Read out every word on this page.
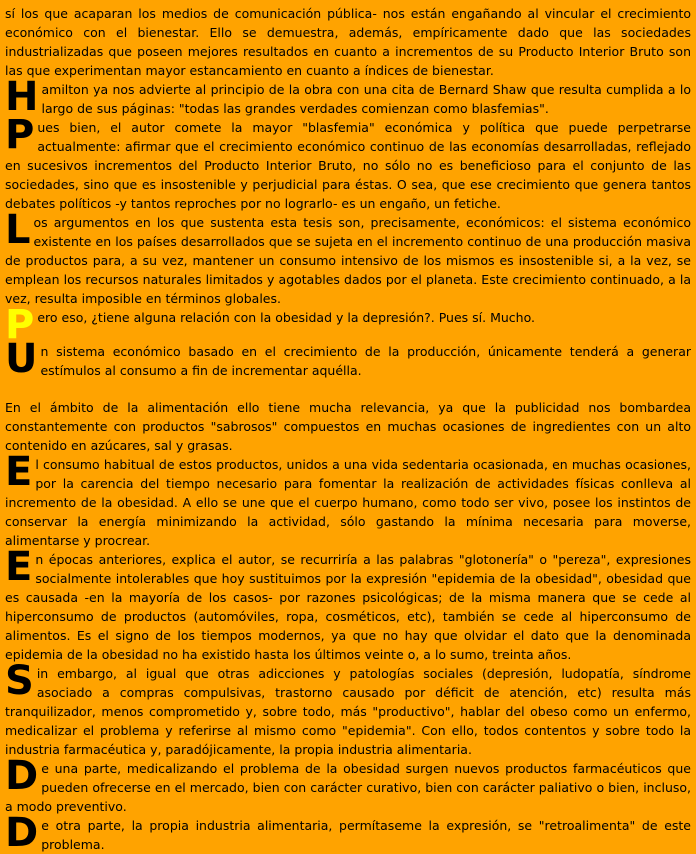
sí los que acaparan los medios de comunicación pública- nos están engañando al vincular el crecimiento económico con el bienestar. Ello se demuestra, además, empíricamente dado que las sociedades industrializadas que poseen mejores resultados en cuanto a incrementos de su Producto Interior Bruto son las que experimentan mayor estancamiento en cuanto a índices de bienestar.

Hamilton ya nos advierte al principio de la obra con una cita de Bernard Shaw que resulta cumplida a lo largo de sus páginas: "todas las grandes verdades comienzan como blasfemias".

Pues bien, el autor comete la mayor "blasfemia" económica y política que puede perpetrarse actualmente: afirmar que el crecimiento económico continuo de las economías desarrolladas, reflejado en sucesivos incrementos del Producto Interior Bruto, no sólo no es beneficioso para el conjunto de las sociedades, sino que es insostenible y perjudicial para éstas. O sea, que ese crecimiento que genera tantos debates políticos -y tantos reproches por no lograrlo- es un engaño, un fetiche.

Los argumentos en los que sustenta esta tesis son, precisamente, económicos: el sistema económico existente en los países desarrollados que se sujeta en el incremento continuo de una producción masiva de productos para, a su vez, mantener un consumo intensivo de los mismos es insostenible si, a la vez, se emplean los recursos naturales limitados y agotables dados por el planeta. Este crecimiento continuado, a la vez, resulta imposible en términos globales.

Pero eso, ¿tiene alguna relación con la obesidad y la depresión?. Pues sí. Mucho.

Un sistema económico basado en el crecimiento de la producción, únicamente tenderá a generar estímulos al consumo a fin de incrementar aquélla.

En el ámbito de la alimentación ello tiene mucha relevancia, ya que la publicidad nos bombardea constantemente con productos "sabrosos" compuestos en muchas ocasiones de ingredientes con un alto contenido en azúcares, sal y grasas.

El consumo habitual de estos productos, unidos a una vida sedentaria ocasionada, en muchas ocasiones, por la carencia del tiempo necesario para fomentar la realización de actividades físicas conlleva al incremento de la obesidad. A ello se une que el cuerpo humano, como todo ser vivo, posee los instintos de conservar la energía minimizando la actividad, sólo gastando la mínima necesaria para moverse, alimentarse y procrear.

En épocas anteriores, explica el autor, se recurriría a las palabras "glotonería" o "pereza", expresiones socialmente intolerables que hoy sustituimos por la expresión "epidemia de la obesidad", obesidad que es causada -en la mayoría de los casos- por razones psicológicas; de la misma manera que se cede al hiperconsumo de productos (automóviles, ropa, cosméticos, etc), también se cede al hiperconsumo de alimentos. Es el signo de los tiempos modernos, ya que no hay que olvidar el dato que la denominada epidemia de la obesidad no ha existido hasta los últimos veinte o, a lo sumo, treinta años.

Sin embargo, al igual que otras adicciones y patologías sociales (depresión, ludopatía, síndrome asociado a compras compulsivas, trastorno causado por déficit de atención, etc) resulta más tranquilizador, menos comprometido y, sobre todo, más "productivo", hablar del obeso como un enfermo, medicalizar el problema y referirse al mismo como "epidemia". Con ello, todos contentos y sobre todo la industria farmacéutica y, paradójicamente, la propia industria alimentaria.

De una parte, medicalizando el problema de la obesidad surgen nuevos productos farmacéuticos que pueden ofrecerse en el mercado, bien con carácter curativo, bien con carácter paliativo o bien, incluso, a modo preventivo.

De otra parte, la propia industria alimentaria, permítaseme la expresión, se "retroalimenta" de este problema.
